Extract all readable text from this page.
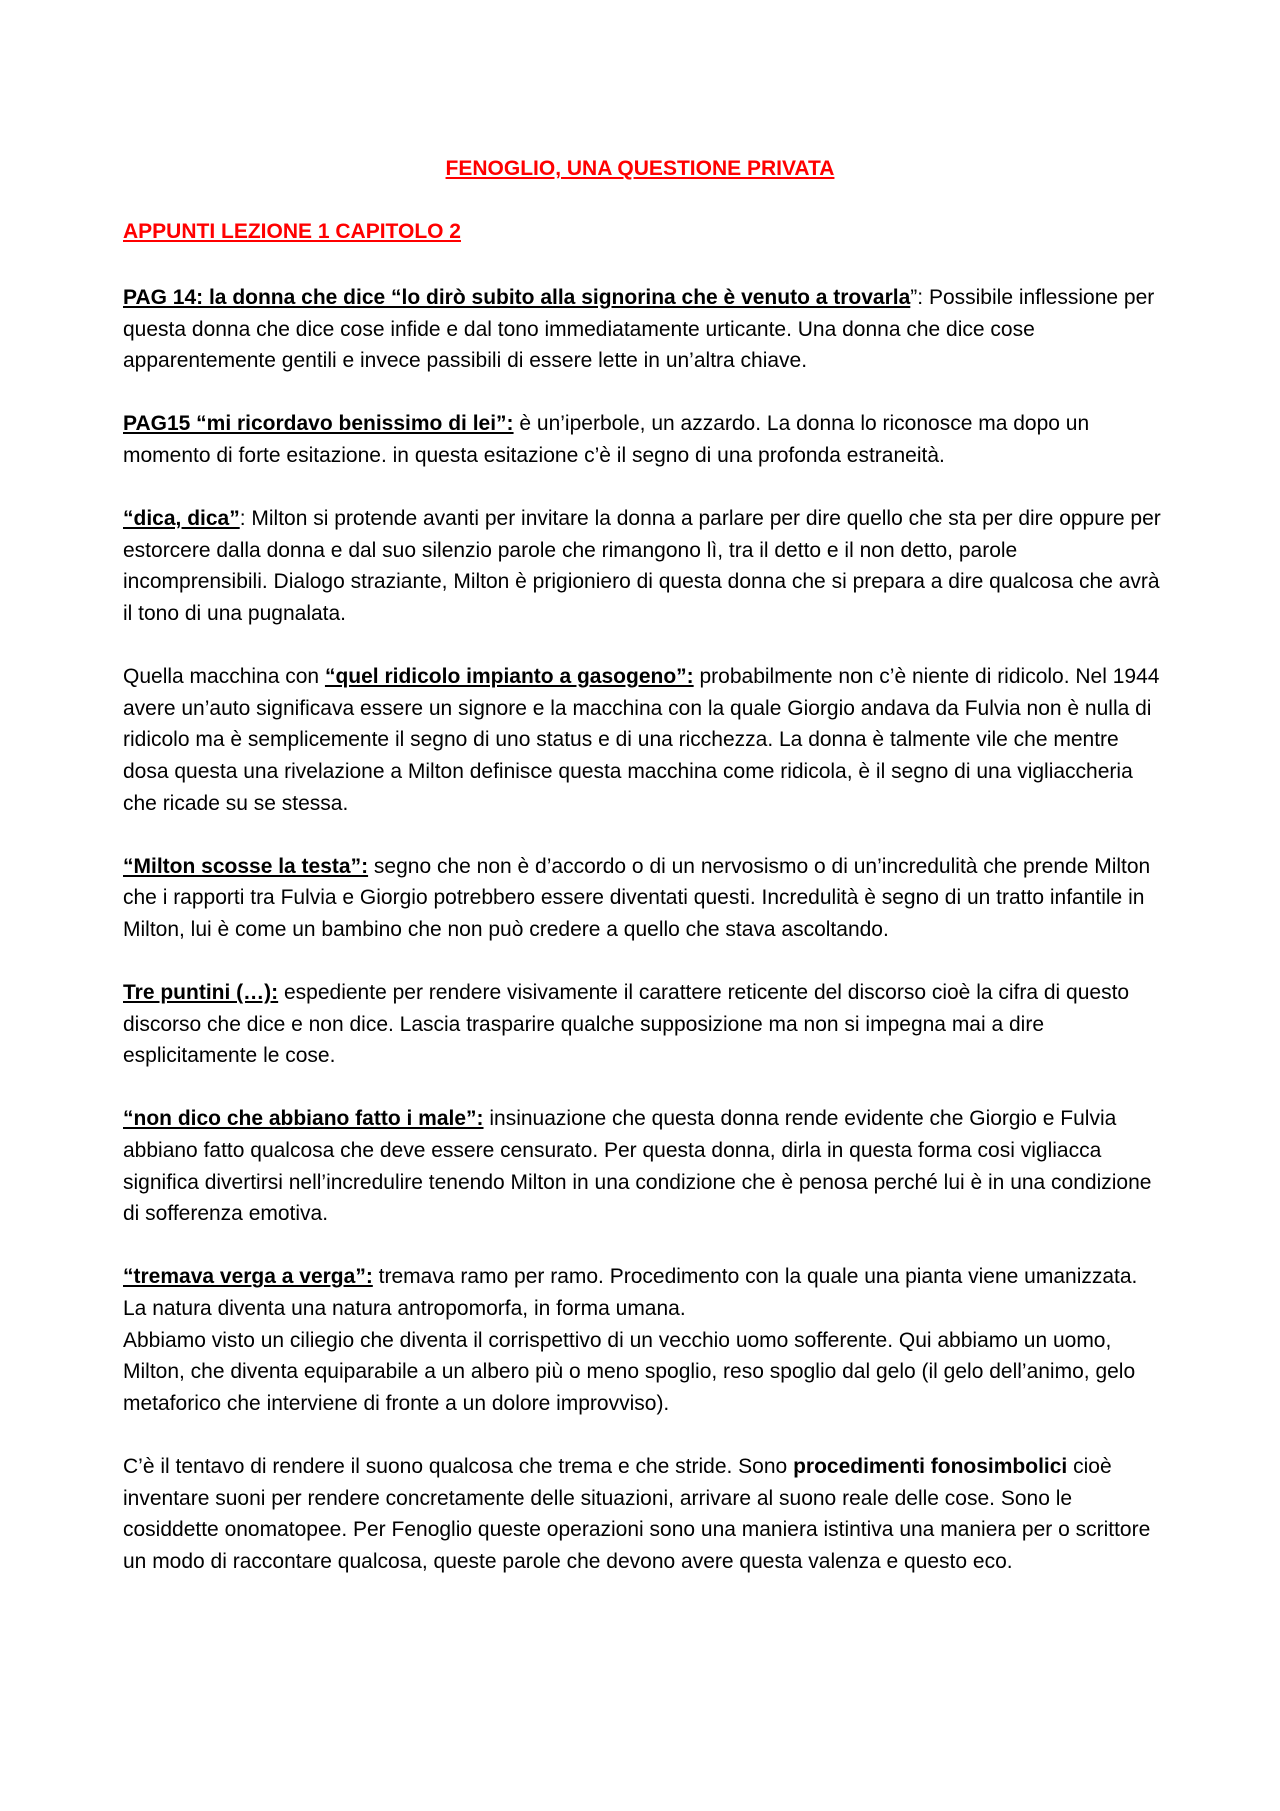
FENOGLIO, UNA QUESTIONE PRIVATA
APPUNTI LEZIONE 1 CAPITOLO 2

PAG 14: la donna che dice “lo dirò subito alla signorina che è venuto a trovarla”: Possibile inflessione per questa donna che dice cose infide e dal tono immediatamente urticante. Una donna che dice cose apparentemente gentili e invece passibili di essere lette in un’altra chiave.

PAG15 “mi ricordavo benissimo di lei”: è un’iperbole, un azzardo. La donna lo riconosce ma dopo un momento di forte esitazione. in questa esitazione c’è il segno di una profonda estraneità.

“dica, dica”: Milton si protende avanti per invitare la donna a parlare per dire quello che sta per dire oppure per estorcere dalla donna e dal suo silenzio parole che rimangono lì, tra il detto e il non detto, parole incomprensibili. Dialogo straziante, Milton è prigioniero di questa donna che si prepara a dire qualcosa che avrà il tono di una pugnalata.

Quella macchina con “quel ridicolo impianto a gasogeno”: probabilmente non c’è niente di ridicolo. Nel 1944 avere un’auto significava essere un signore e la macchina con la quale Giorgio andava da Fulvia non è nulla di ridicolo ma è semplicemente il segno di uno status e di una ricchezza. La donna è talmente vile che mentre dosa questa una rivelazione a Milton definisce questa macchina come ridicola, è il segno di una vigliaccheria che ricade su se stessa.

“Milton scosse la testa”: segno che non è d’accordo o di un nervosismo o di un’incredulità che prende Milton che i rapporti tra Fulvia e Giorgio potrebbero essere diventati questi. Incredulità è segno di un tratto infantile in Milton, lui è come un bambino che non può credere a quello che stava ascoltando.

Tre puntini (…): espediente per rendere visivamente il carattere reticente del discorso cioè la cifra di questo discorso che dice e non dice. Lascia trasparire qualche supposizione ma non si impegna mai a dire esplicitamente le cose.

“non dico che abbiano fatto i male”: insinuazione che questa donna rende evidente che Giorgio e Fulvia abbiano fatto qualcosa che deve essere censurato. Per questa donna, dirla in questa forma cosi vigliacca significa divertirsi nell’incredulire tenendo Milton in una condizione che è penosa perché lui è in una condizione di sofferenza emotiva.

“tremava verga a verga”: tremava ramo per ramo. Procedimento con la quale una pianta viene umanizzata. La natura diventa una natura antropomorfa, in forma umana.
Abbiamo visto un ciliegio che diventa il corrispettivo di un vecchio uomo sofferente. Qui abbiamo un uomo, Milton, che diventa equiparabile a un albero più o meno spoglio, reso spoglio dal gelo (il gelo dell’animo, gelo metaforico che interviene di fronte a un dolore improvviso).

C’è il tentavo di rendere il suono qualcosa che trema e che stride. Sono procedimenti fonosimbolici cioè inventare suoni per rendere concretamente delle situazioni, arrivare al suono reale delle cose. Sono le cosiddette onomatopee. Per Fenoglio queste operazioni sono una maniera istintiva una maniera per o scrittore un modo di raccontare qualcosa, queste parole che devono avere questa valenza e questo eco.
